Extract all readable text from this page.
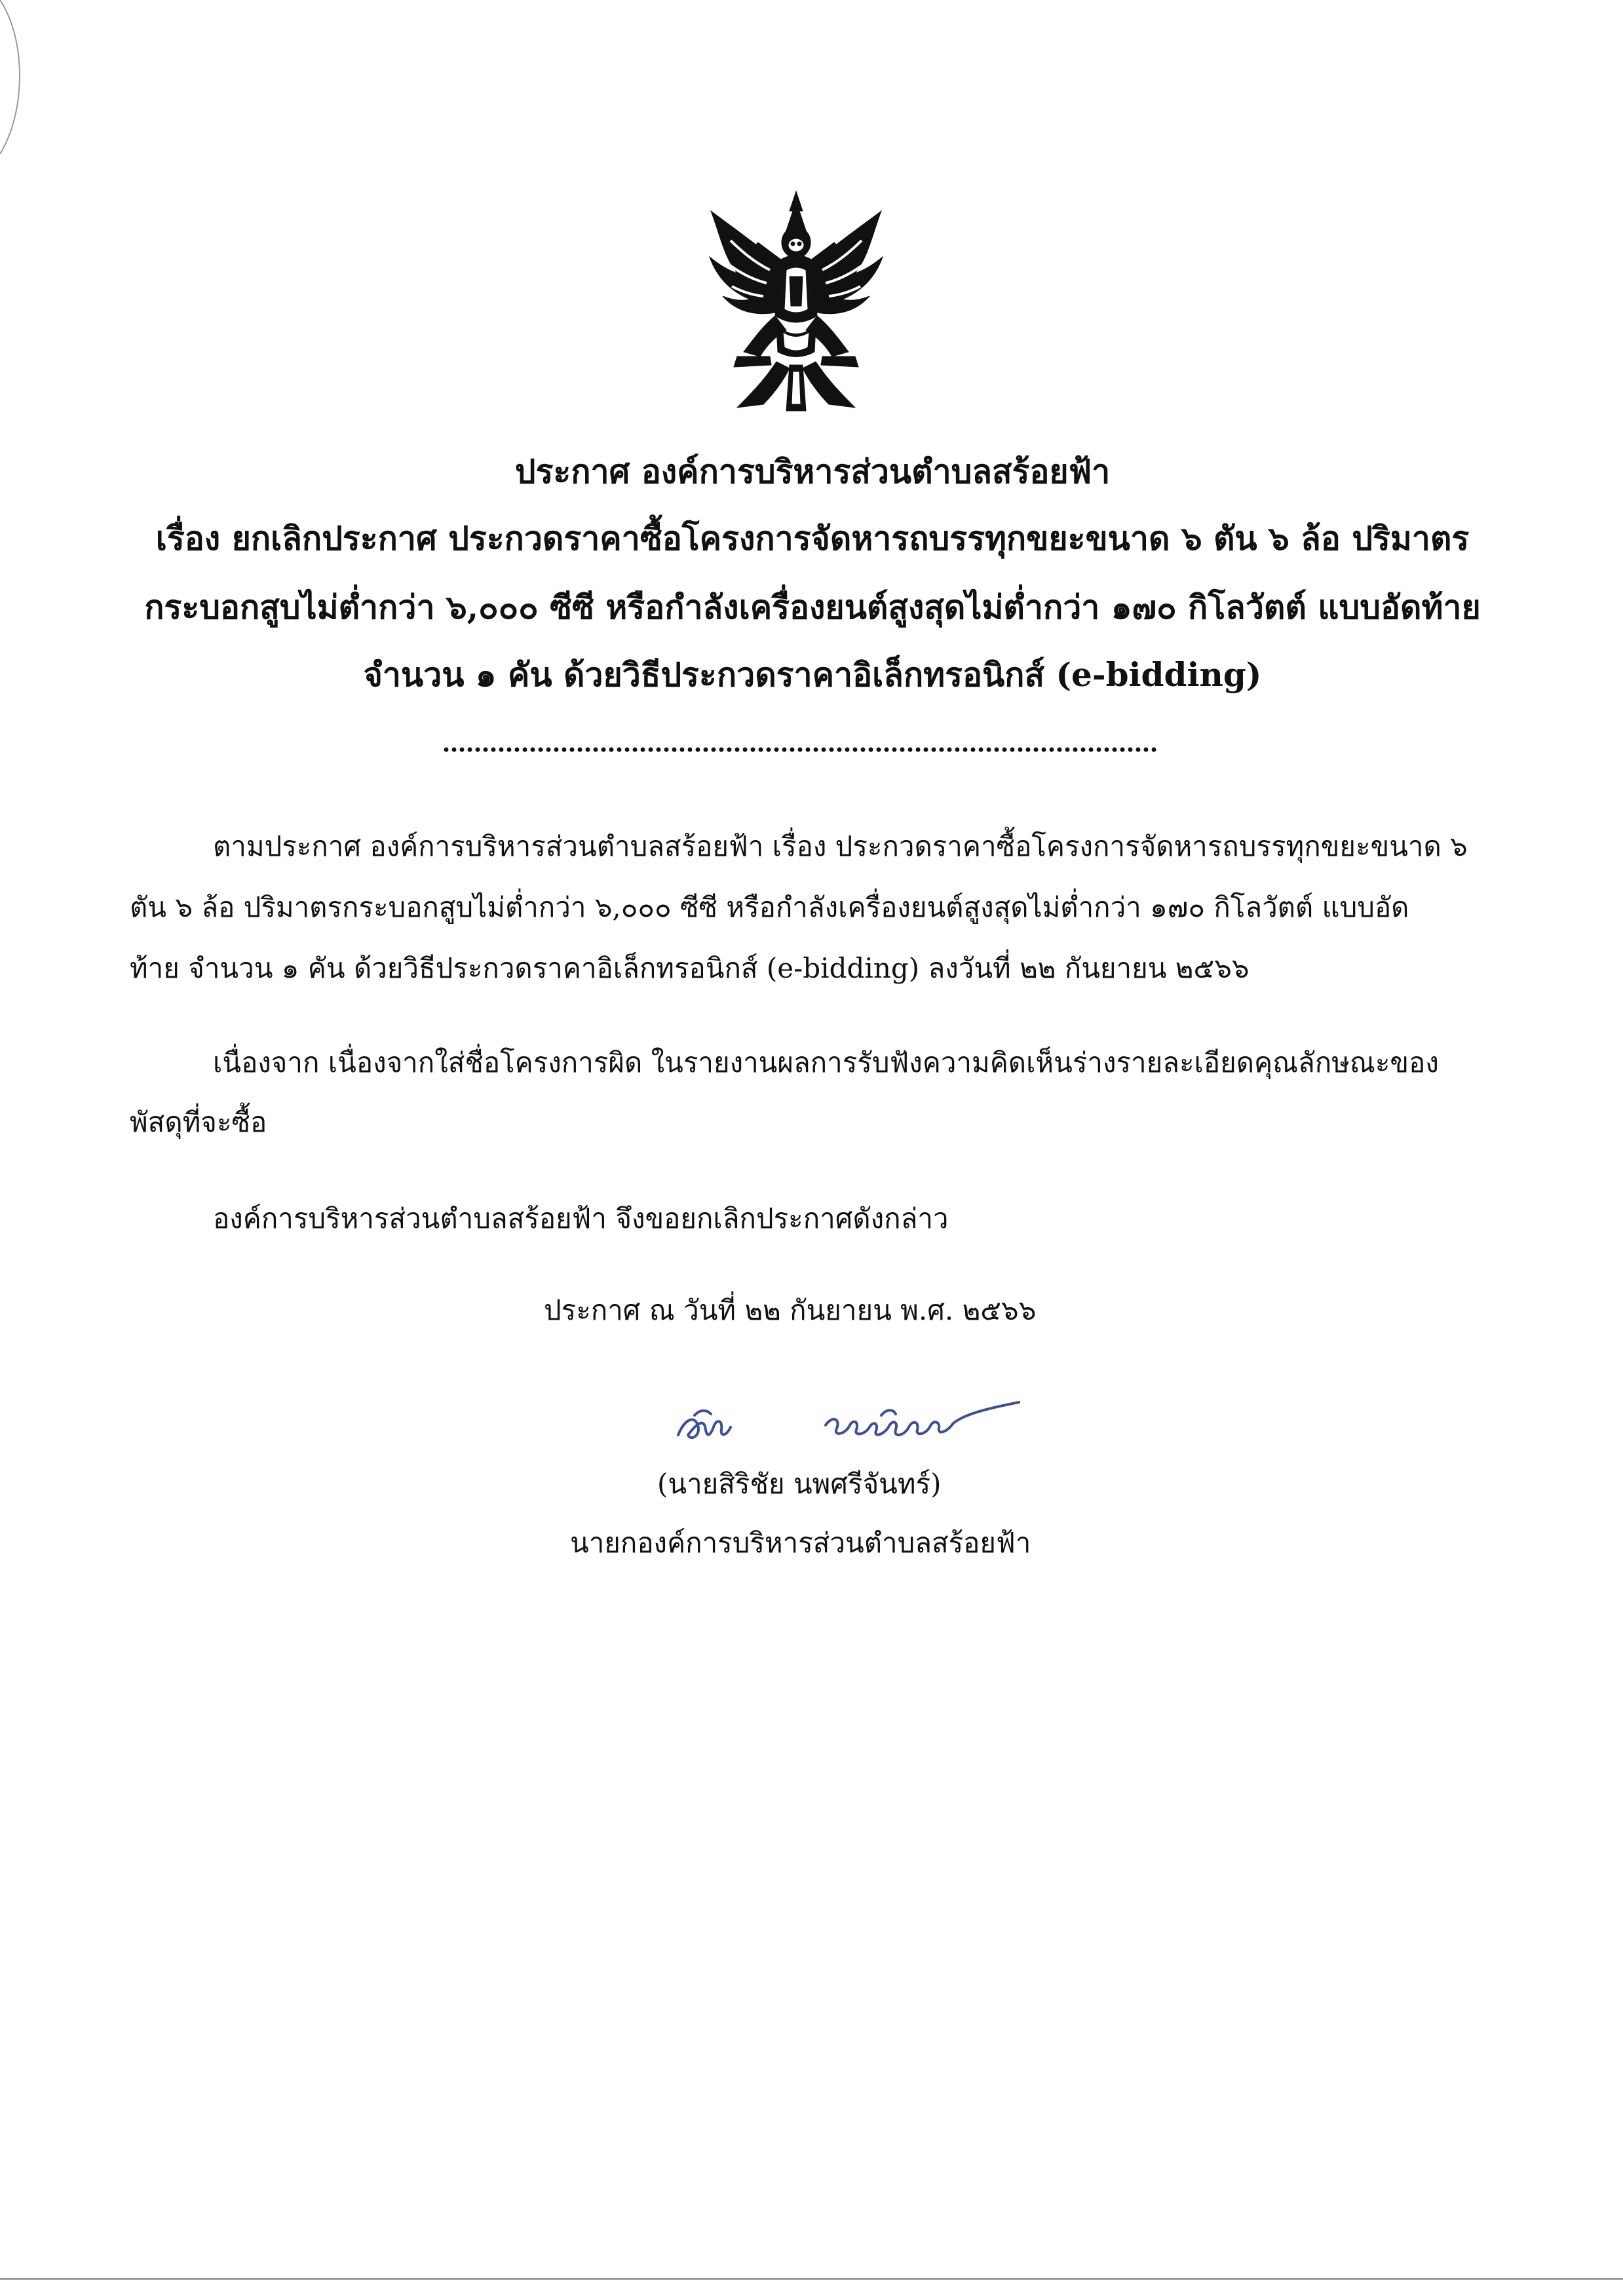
ประกาศ องค์การบริหารส่วนตำบลสร้อยฟ้า
เรื่อง ยกเลิกประกาศ ประกวดราคาซื้อโครงการจัดหารถบรรทุกขยะขนาด ๖ ตัน ๖ ล้อ ปริมาตร
กระบอกสูบไม่ต่ำกว่า ๖,๐๐๐ ซีซี หรือกำลังเครื่องยนต์สูงสุดไม่ต่ำกว่า ๑๗๐ กิโลวัตต์ แบบอัดท้าย
จำนวน ๑ คัน ด้วยวิธีประกวดราคาอิเล็กทรอนิกส์ (e-bidding)
ตามประกาศ องค์การบริหารส่วนตำบลสร้อยฟ้า เรื่อง ประกวดราคาซื้อโครงการจัดหารถบรรทุกขยะขนาด ๖
ตัน ๖ ล้อ ปริมาตรกระบอกสูบไม่ต่ำกว่า ๖,๐๐๐ ซีซี หรือกำลังเครื่องยนต์สูงสุดไม่ต่ำกว่า ๑๗๐ กิโลวัตต์ แบบอัด
ท้าย จำนวน ๑ คัน ด้วยวิธีประกวดราคาอิเล็กทรอนิกส์ (e-bidding) ลงวันที่ ๒๒ กันยายน ๒๕๖๖
เนื่องจาก เนื่องจากใส่ชื่อโครงการผิด ในรายงานผลการรับฟังความคิดเห็นร่างรายละเอียดคุณลักษณะของ
พัสดุที่จะซื้อ
องค์การบริหารส่วนตำบลสร้อยฟ้า จึงขอยกเลิกประกาศดังกล่าว
ประกาศ ณ วันที่ ๒๒ กันยายน พ.ศ. ๒๕๖๖
(นายสิริชัย นพศรีจันทร์)
นายกองค์การบริหารส่วนตำบลสร้อยฟ้า
